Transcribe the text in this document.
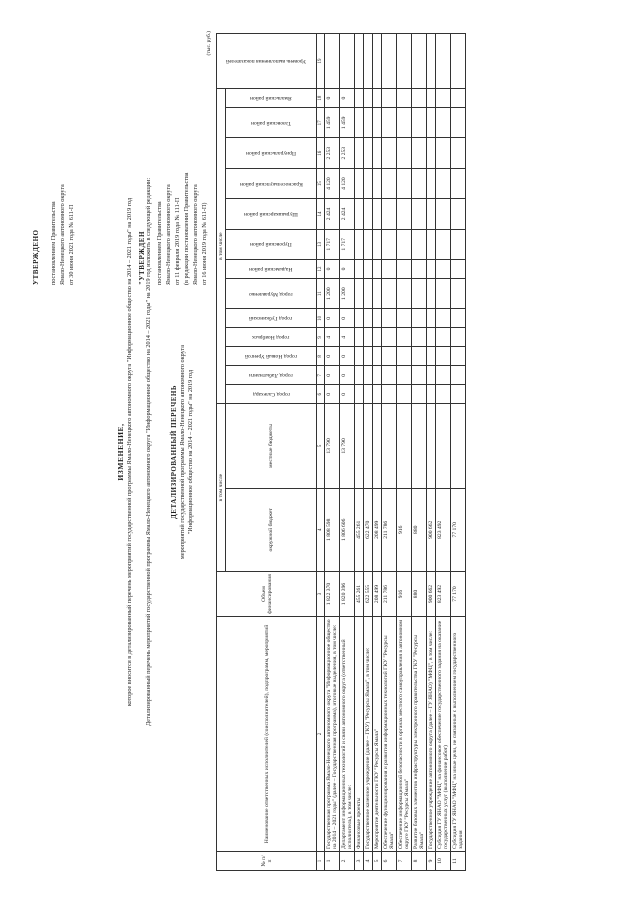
УТВЕРЖДЕНО постановлением Правительства Ямало-Ненецкого автономного округа от 30 июня 2021 года № 611-П
ИЗМЕНЕНИЕ, которое вносится в детализированный перечень мероприятий государственной программы Ямало-Ненецкого автономного округа "Информационное общество на 2014 – 2021 годы" на 2019 год Детализированный перечень мероприятий государственной программы Ямало-Ненецкого автономного округа "Информационное общество на 2014 – 2021 годы" на 2019 год изложить в следующей редакции:
"УТВЕРЖДЕН постановлением Правительства Ямало-Ненецкого автономного округа от 11 февраля 2019 года № 111-П (в редакции постановления Правительства Ямало-Ненецкого автономного округа от 16 июня 2019 года № 611-П)
ДЕТАЛИЗИРОВАННЫЙ ПЕРЕЧЕНЬ мероприятий государственной программы Ямало-Ненецкого автономного округа "Информационное общество на 2014 – 2021 годы" на 2019 год
(тыс. руб.)
№ п/п	Наименование ответственных исполнителей (соисполнителей), подпрограмм, мероприятий	Объем финансирования	в том числе		в том числе													Уровень выполнения показателей

			окружной бюджет	местные бюджеты	город Салехард	город Лабытнанги	город Новый Уренгой	город Ноябрьск	город Губкинский	город Муравленко	Надымский район	Пуровский район	Шурышкарский район	Красноселькупский район	Приуральский район	Тазовский район	Ямальский район	

1	2	3	4	5	6	7	8	9	10	11	12	13	14	15	16	17	18	19
1	Государственная программа Ямало-Ненецкого автономного округа "Информационное общество на 2014 – 2021 годы" (далее – Государственная программа), итоговые выделения, в том числе:	1 822 370	1 808 598	13 790	0	0	0	4	0	1 200	0	1 717	2 424	4 120	2 253	1 459	0	
2	Департамент информационных технологий и связи автономного округа (ответственный исполнитель), в том числе:	1 820 396	1 806 606	13 790	0	0	0	4	0	1 200	0	1 717	2 424	4 120	2 253	1 459	0	
3	Финансовые проекты	455 261	455 261															
4	Государственное казенное учреждение (далее – ГКУ) "Ресурсы Ямала", в том числе:	622 555	622 470															
5	Мероприятие деятельности ГКУ "Ресурсы Ямала"	208 499	208 499															
6	Обеспечение функционирования и развития информационных технологий ГКУ "Ресурсы Ямала"	211 786	211 786															
7	Обеспечение информационной безопасности в органах местного самоуправления в автономном округе ГКУ "Ресурсы Ямала"	916	916															
8	Развитие базовых элементов инфраструктуры электронного правительства ГКУ "Ресурсы Ямала"	880	880															
9	Государственное учреждение автономного округа (далее – ГУ ЯНАО) "МФЦ", в том числе:	900 662	900 662															
10	Субсидия ГУ ЯНАО "МФЦ" на финансовое обеспечение государственного задания на оказание государственных услуг (выполнение работ)	823 492	823 492															
11	Субсидия ГУ ЯНАО "МФЦ" на иные цели, не связанные с выполнением государственного задания	77 170	77 170															
